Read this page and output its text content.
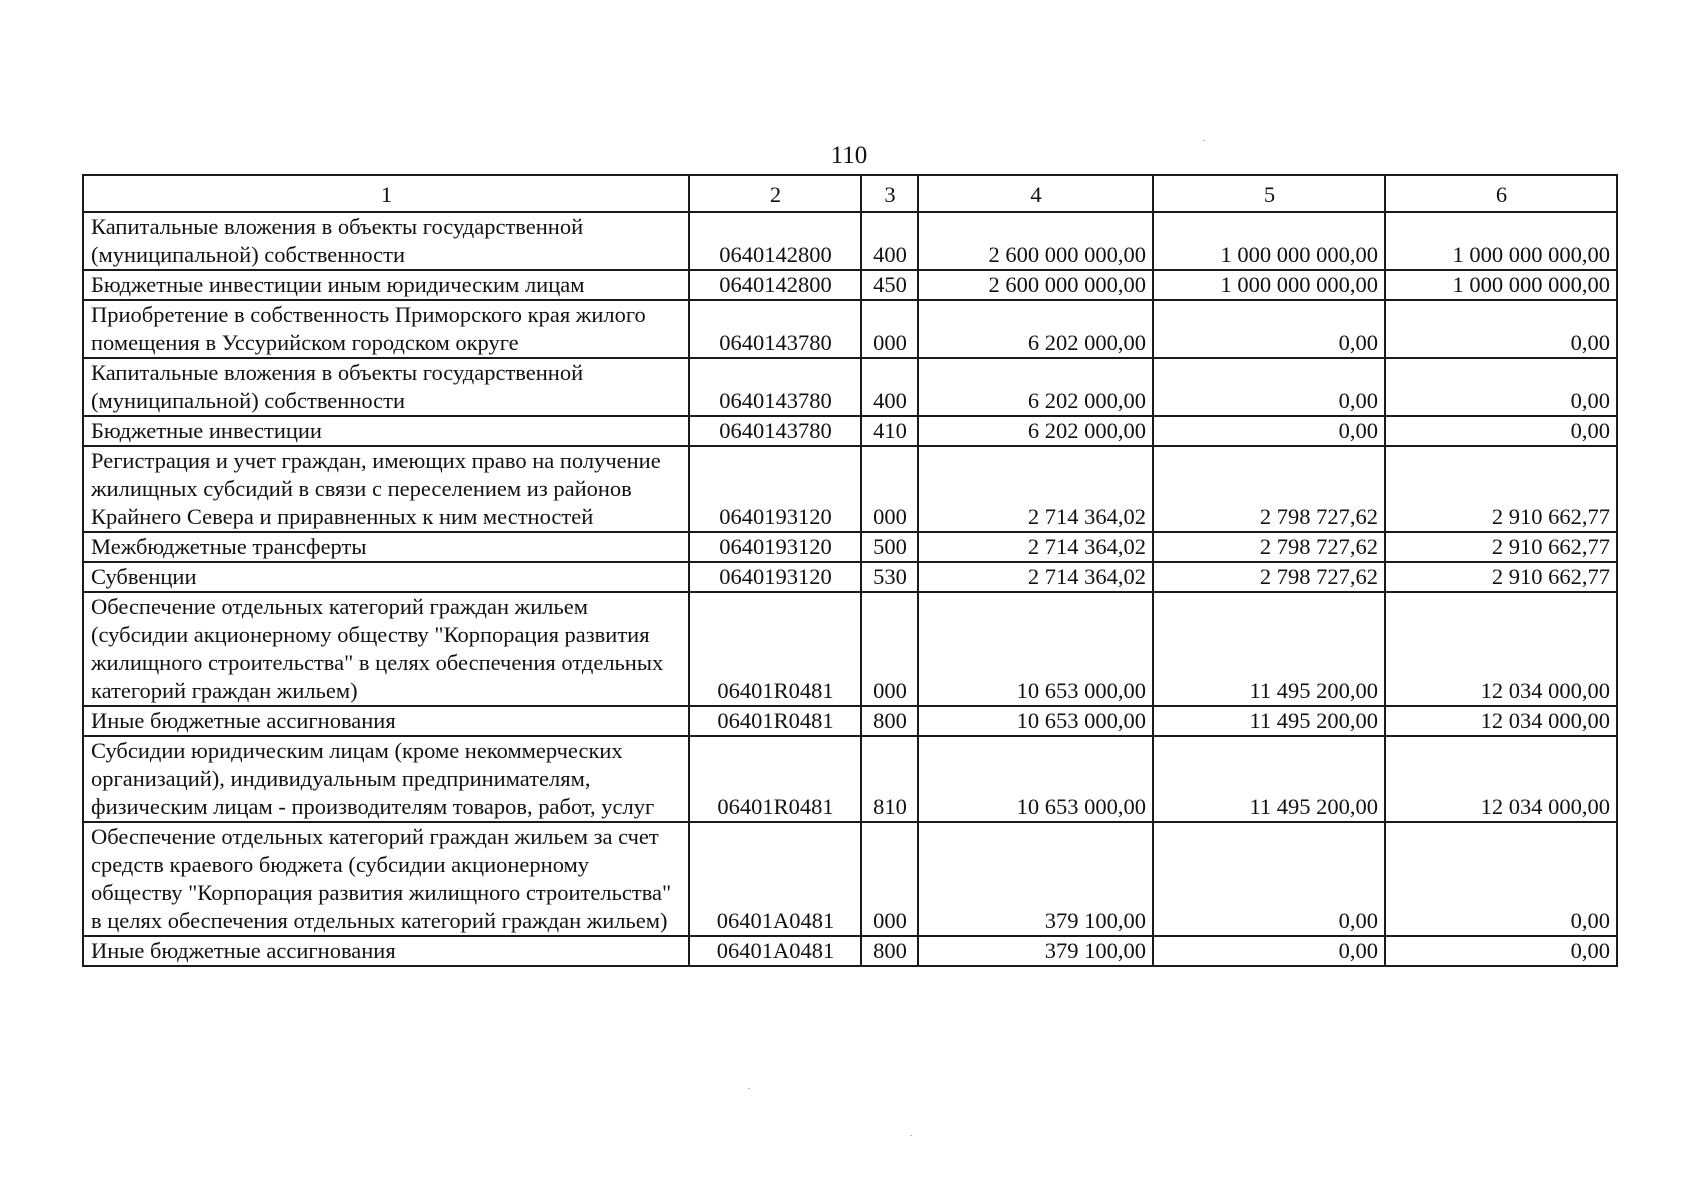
110
1	2	3	4	5	6
Капитальные вложения в объекты государственной (муниципальной) собственности	0640142800	400	2 600 000 000,00	1 000 000 000,00	1 000 000 000,00
Бюджетные инвестиции иным юридическим лицам	0640142800	450	2 600 000 000,00	1 000 000 000,00	1 000 000 000,00
Приобретение в собственность Приморского края жилого помещения в Уссурийском городском округе	0640143780	000	6 202 000,00	0,00	0,00
Капитальные вложения в объекты государственной (муниципальной) собственности	0640143780	400	6 202 000,00	0,00	0,00
Бюджетные инвестиции	0640143780	410	6 202 000,00	0,00	0,00
Регистрация и учет граждан, имеющих право на получение жилищных субсидий в связи с переселением из районов Крайнего Севера и приравненных к ним местностей	0640193120	000	2 714 364,02	2 798 727,62	2 910 662,77
Межбюджетные трансферты	0640193120	500	2 714 364,02	2 798 727,62	2 910 662,77
Субвенции	0640193120	530	2 714 364,02	2 798 727,62	2 910 662,77
Обеспечение отдельных категорий граждан жильем (субсидии акционерному обществу "Корпорация развития жилищного строительства" в целях обеспечения отдельных категорий граждан жильем)	06401R0481	000	10 653 000,00	11 495 200,00	12 034 000,00
Иные бюджетные ассигнования	06401R0481	800	10 653 000,00	11 495 200,00	12 034 000,00
Субсидии юридическим лицам (кроме некоммерческих организаций), индивидуальным предпринимателям, физическим лицам - производителям товаров, работ, услуг	06401R0481	810	10 653 000,00	11 495 200,00	12 034 000,00
Обеспечение отдельных категорий граждан жильем за счет средств краевого бюджета (субсидии акционерному обществу "Корпорация развития жилищного строительства" в целях обеспечения отдельных категорий граждан жильем)	06401A0481	000	379 100,00	0,00	0,00
Иные бюджетные ассигнования	06401A0481	800	379 100,00	0,00	0,00
